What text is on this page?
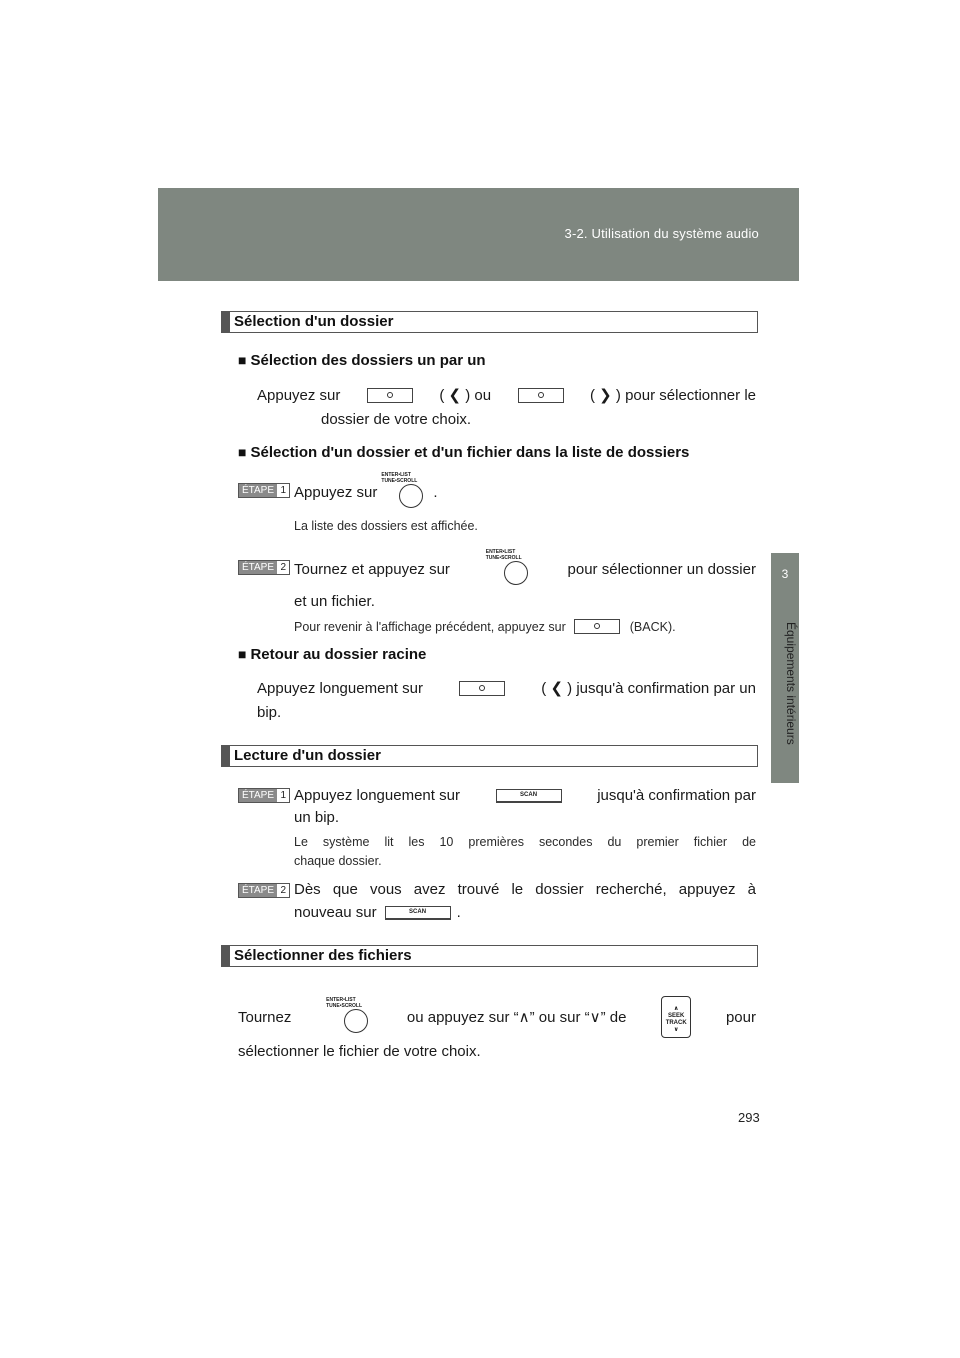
3-2. Utilisation du système audio
3
Équipements intérieurs
Sélection d'un dossier
■ Sélection des dossiers un par un
Appuyez sur	( ❮ ) ou	( ❯ ) pour sélectionner le
dossier de votre choix.
■ Sélection d'un dossier et d'un fichier dans la liste de dossiers
ÉTAPE 1 Appuyez sur
ENTER•LIST
TUNE•SCROLL
.
La liste des dossiers est affichée.
ÉTAPE 2 Tournez et appuyez sur
ENTER•LIST
TUNE•SCROLL
pour sélectionner un dossier
et un fichier.
Pour revenir à l'affichage précédent, appuyez sur	(BACK).
■ Retour au dossier racine
Appuyez longuement sur	( ❮ ) jusqu'à confirmation par un
bip.
Lecture d'un dossier
ÉTAPE 1 Appuyez longuement sur	SCAN	jusqu'à confirmation par
un bip.
Le système lit les 10 premières secondes du premier fichier de
chaque dossier.
ÉTAPE 2 Dès que vous avez trouvé le dossier recherché, appuyez à
nouveau sur	SCAN	.
Sélectionner des fichiers
Tournez
ENTER•LIST
TUNE•SCROLL
ou appuyez sur “∧” ou sur “∨” de	∧
SEEK
TRACK
∨
pour
sélectionner le fichier de votre choix.
293
